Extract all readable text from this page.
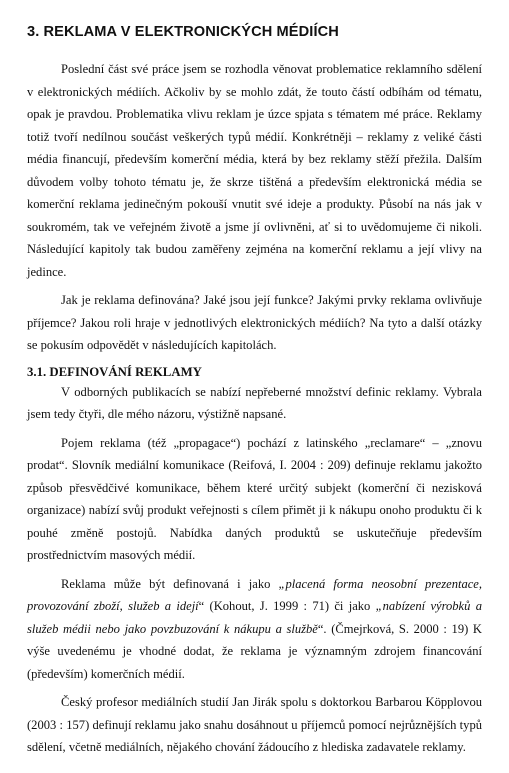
3. REKLAMA V ELEKTRONICKÝCH MÉDIÍCH

Poslední část své práce jsem se rozhodla věnovat problematice reklamního sdělení v elektronických médiích. Ačkoliv by se mohlo zdát, že touto částí odbíhám od tématu, opak je pravdou. Problematika vlivu reklam je úzce spjata s tématem mé práce. Reklamy totiž tvoří nedílnou součást veškerých typů médií. Konkrétněji – reklamy z veliké části média financují, především komerční média, která by bez reklamy stěží přežila. Dalším důvodem volby tohoto tématu je, že skrze tištěná a především elektronická média se komerční reklama jedinečným pokouší vnutit své ideje a produkty. Působí na nás jak v soukromém, tak ve veřejném životě a jsme jí ovlivněni, ať si to uvědomujeme či nikoli. Následující kapitoly tak budou zaměřeny zejména na komerční reklamu a její vlivy na jedince.

Jak je reklama definována? Jaké jsou její funkce? Jakými prvky reklama ovlivňuje příjemce? Jakou roli hraje v jednotlivých elektronických médiích? Na tyto a další otázky se pokusím odpovědět v následujících kapitolách.

3.1. DEFINOVÁNÍ REKLAMY

V odborných publikacích se nabízí nepřeberné množství definic reklamy. Vybrala jsem tedy čtyři, dle mého názoru, výstižně napsané.

Pojem reklama (též „propagace“) pochází z latinského „reclamare“ – „znovu prodat“. Slovník mediální komunikace (Reifová, I. 2004 : 209) definuje reklamu jakožto způsob přesvědčivé komunikace, během které určitý subjekt (komerční či nezisková organizace) nabízí svůj produkt veřejnosti s cílem přimět ji k nákupu onoho produktu či k pouhé změně postojů. Nabídka daných produktů se uskutečňuje především prostřednictvím masových médií.

Reklama může být definovaná i jako „placená forma neosobní prezentace, provozování zboží, služeb a idejí“ (Kohout, J. 1999 : 71) či jako „nabízení výrobků a služeb médii nebo jako povzbuzování k nákupu a službě“. (Čmejrková, S. 2000 : 19) K výše uvedenému je vhodné dodat, že reklama je významným zdrojem financování (především) komerčních médií.

Český profesor mediálních studií Jan Jirák spolu s doktorkou Barbarou Köpplovou (2003 : 157) definují reklamu jako snahu dosáhnout u příjemců pomocí nejrůznějších typů sdělení, včetně mediálních, nějakého chování žádoucího z hlediska zadavatele reklamy.
